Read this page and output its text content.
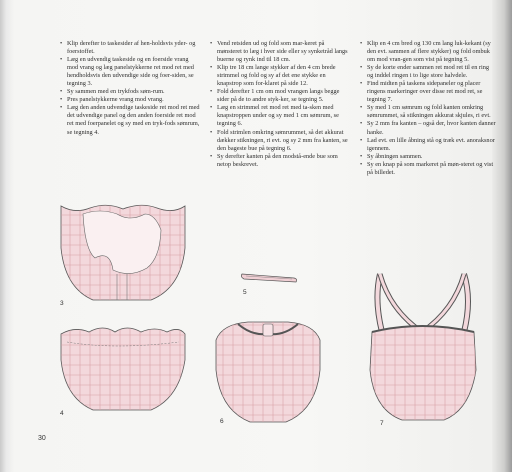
• Klip derefter to taskesider af hen-holdsvis yder- og foerstoffet.
• Læg en udvendig taskeside og en foerside vrang mod vrang og læg panelstykkerne ret mod ret med hendholdsvis den udvendige side og foer-siden, se tegning 3.
• Sy sammen med en trykfods søm-rum.
• Pres panelstykkerne vrang mod vrang.
• Læg den anden udvendige taskeside ret mod ret med det udvendige panel og den anden foerside ret mod ret med foerpanelet og sy med en tryk-fods sømrum, se tegning 4.
• Vend retsiden ud og fold som mar-keret på mønsteret to læg i hver side eller sy synketråd langs buerne og rynk ind til 18 cm.
• Klip tre 18 cm lange stykker af den 4 cm brede strimmel og fold og sy af det ene stykke en knapstrop som for-klaret på side 12.
• Fold derefter 1 cm om mod vrangen langs begge sider på de to andre styk-ker, se tegning 5.
• Læg en strimmel ret mod ret med ta-sken med knapstroppen under og sy med 1 cm sømrum, se tegning 6.
• Fold strimlen omkring sømrummet, så det akkurat dækker stikningen, ri evt. og sy 2 mm fra kanten, se den bageste bue på tegning 6.
• Sy derefter kanten på den modstå-ende bue som netop beskrevet.
• Klip en 4 cm bred og 130 cm lang luk-kekant (sy den evt. sammen af flere stykker) og fold ombuk om mod vran-gen som vist på tegning 5.
• Sy de korte ender sammen ret mod ret til en ring og inddel ringen i to lige store halvdele.
• Find midten på taskens sidepaneler og placer ringens markeringer over disse ret mod ret, se tegning 7.
• Sy med 1 cm sømrum og fold kanten omkring sømrummet, så stikningen akkurat skjules, ri evt.
• Sy 2 mm fra kanten – også der, hvor kanten danner hanke.
• Lad evt. en lille åbning stå og træk evt. anoraksnor igennem.
• Sy åbningen sammen.
• Sy en knap på som markeret på møn-steret og vist på billedet.
3
4
5
6	7
30
